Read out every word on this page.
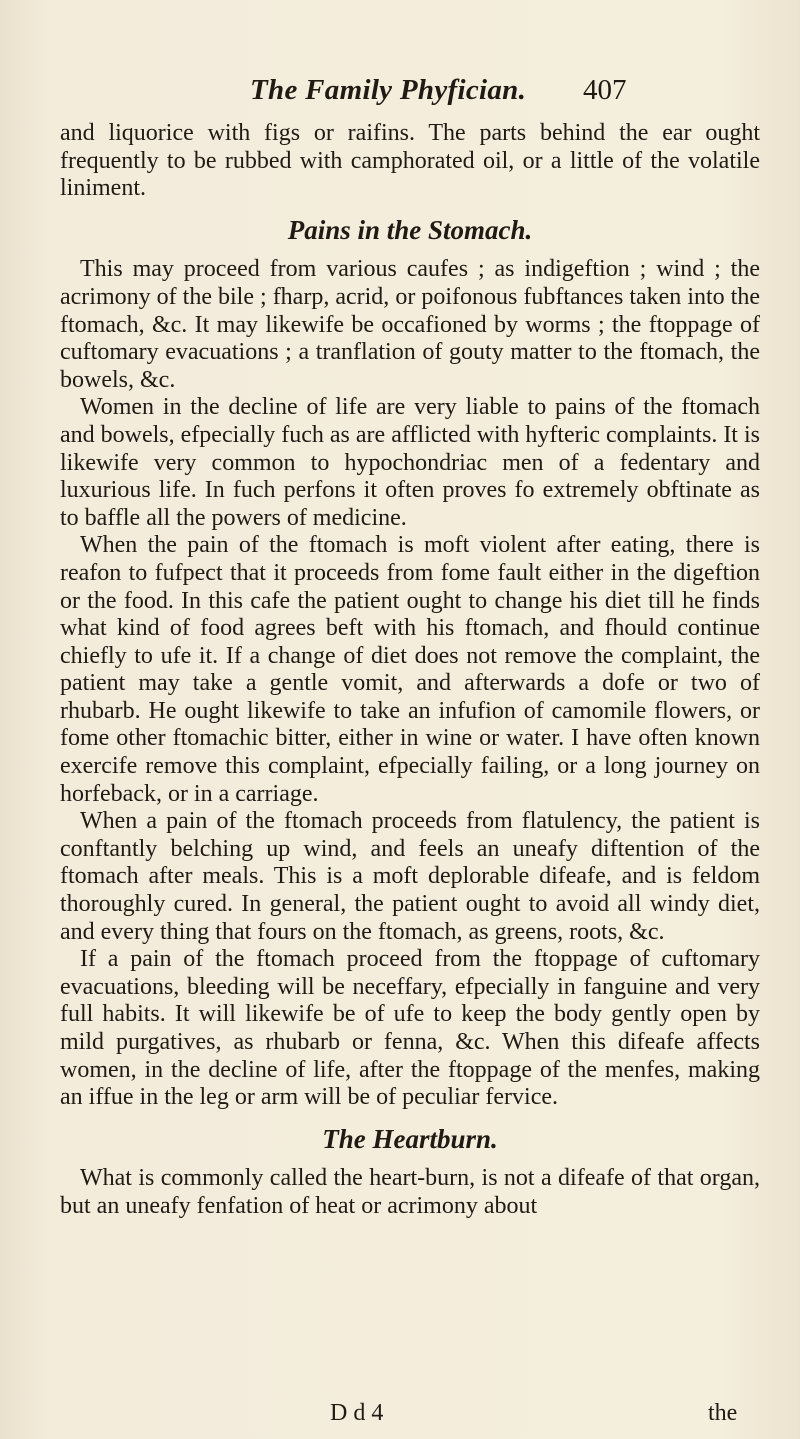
The Family Phyfician. 407

and liquorice with figs or raifins. The parts behind the ear ought frequently to be rubbed with camphorated oil, or a little of the volatile liniment.

Pains in the Stomach.

This may proceed from various caufes ; as indigeftion ; wind ; the acrimony of the bile ; fharp, acrid, or poifonous fubftances taken into the ftomach, &c. It may likewife be occafioned by worms ; the ftoppage of cuftomary evacuations ; a tranflation of gouty matter to the ftomach, the bowels, &c.

Women in the decline of life are very liable to pains of the ftomach and bowels, efpecially fuch as are afflicted with hyfteric complaints. It is likewife very common to hypochondriac men of a fedentary and luxurious life. In fuch perfons it often proves fo extremely obftinate as to baffle all the powers of medicine.

When the pain of the ftomach is moft violent after eating, there is reafon to fufpect that it proceeds from fome fault either in the digeftion or the food. In this cafe the patient ought to change his diet till he finds what kind of food agrees beft with his ftomach, and fhould continue chiefly to ufe it. If a change of diet does not remove the complaint, the patient may take a gentle vomit, and afterwards a dofe or two of rhubarb. He ought likewife to take an infufion of camomile flowers, or fome other ftomachic bitter, either in wine or water. I have often known exercife remove this complaint, efpecially failing, or a long journey on horfeback, or in a carriage.

When a pain of the ftomach proceeds from flatulency, the patient is conftantly belching up wind, and feels an uneafy diftention of the ftomach after meals. This is a moft deplorable difeafe, and is feldom thoroughly cured. In general, the patient ought to avoid all windy diet, and every thing that fours on the ftomach, as greens, roots, &c.

If a pain of the ftomach proceed from the ftoppage of cuftomary evacuations, bleeding will be neceffary, efpecially in fanguine and very full habits. It will likewife be of ufe to keep the body gently open by mild purgatives, as rhubarb or fenna, &c. When this difeafe affects women, in the decline of life, after the ftoppage of the menfes, making an iffue in the leg or arm will be of peculiar fervice.

The Heartburn.

What is commonly called the heart-burn, is not a difeafe of that organ, but an uneafy fenfation of heat or acrimony about

D d 4	the
